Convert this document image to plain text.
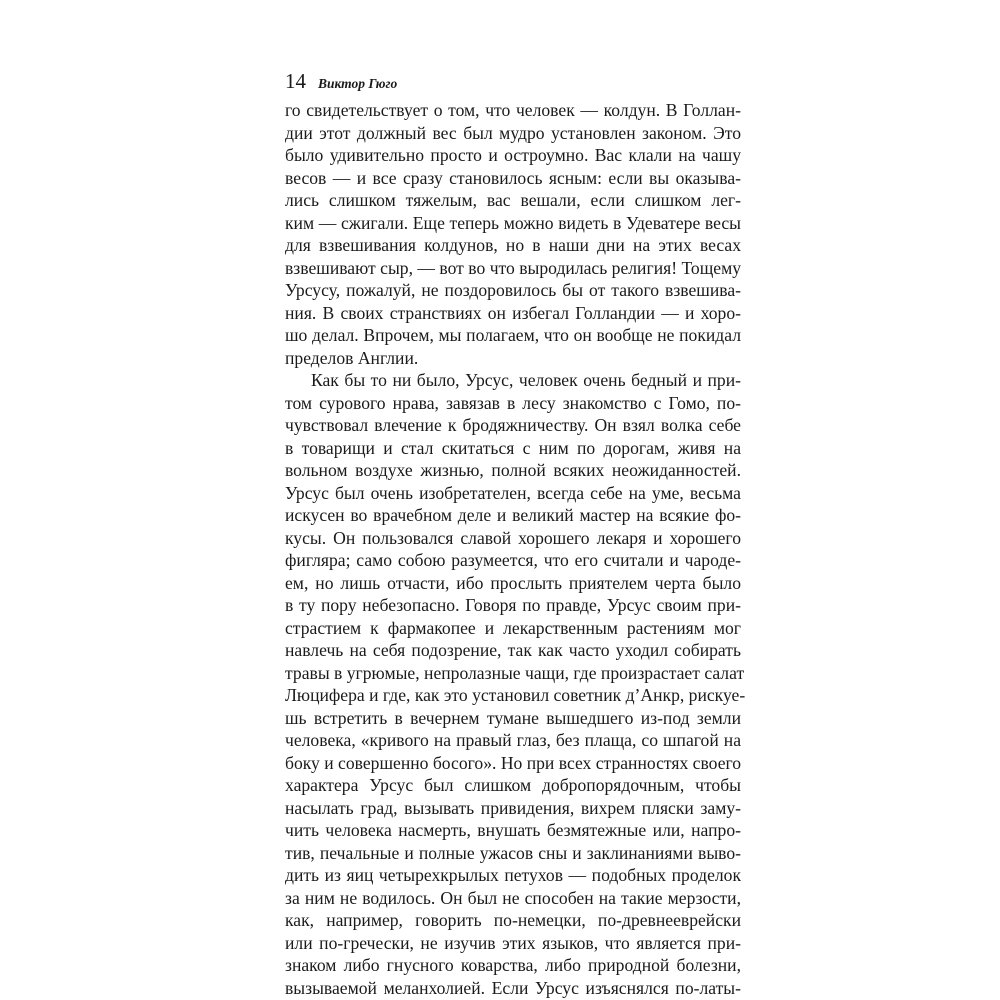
14 Виктор Гюго
го свидетельствует о том, что человек — колдун. В Голлан-
дии этот должный вес был мудро установлен законом. Это
было удивительно просто и остроумно. Вас клали на чашу
весов — и все сразу становилось ясным: если вы оказыва-
лись слишком тяжелым, вас вешали, если слишком лег-
ким — сжигали. Еще теперь можно видеть в Удеватере весы
для взвешивания колдунов, но в наши дни на этих весах
взвешивают сыр, — вот во что выродилась религия! Тощему
Урсусу, пожалуй, не поздоровилось бы от такого взвешива-
ния. В своих странствиях он избегал Голландии — и хоро-
шо делал. Впрочем, мы полагаем, что он вообще не покидал
пределов Англии.
Как бы то ни было, Урсус, человек очень бедный и при-
том сурового нрава, завязав в лесу знакомство с Гомо, по-
чувствовал влечение к бродяжничеству. Он взял волка себе
в товарищи и стал скитаться с ним по дорогам, живя на
вольном воздухе жизнью, полной всяких неожиданностей.
Урсус был очень изобретателен, всегда себе на уме, весьма
искусен во врачебном деле и великий мастер на всякие фо-
кусы. Он пользовался славой хорошего лекаря и хорошего
фигляра; само собою разумеется, что его считали и чароде-
ем, но лишь отчасти, ибо прослыть приятелем черта было
в ту пору небезопасно. Говоря по правде, Урсус своим при-
страстием к фармакопее и лекарственным растениям мог
навлечь на себя подозрение, так как часто уходил собирать
травы в угрюмые, непролазные чащи, где произрастает салат
Люцифера и где, как это установил советник д’Анкр, рискуе-
шь встретить в вечернем тумане вышедшего из-под земли
человека, «кривого на правый глаз, без плаща, со шпагой на
боку и совершенно босого». Но при всех странностях своего
характера Урсус был слишком добропорядочным, чтобы
насылать град, вызывать привидения, вихрем пляски заму-
чить человека насмерть, внушать безмятежные или, напро-
тив, печальные и полные ужасов сны и заклинаниями выво-
дить из яиц четырехкрылых петухов — подобных проделок
за ним не водилось. Он был не способен на такие мерзости,
как, например, говорить по-немецки, по-древнееврейски
или по-гречески, не изучив этих языков, что является при-
знаком либо гнусного коварства, либо природной болезни,
вызываемой меланхолией. Если Урсус изъяснялся по-латы-
